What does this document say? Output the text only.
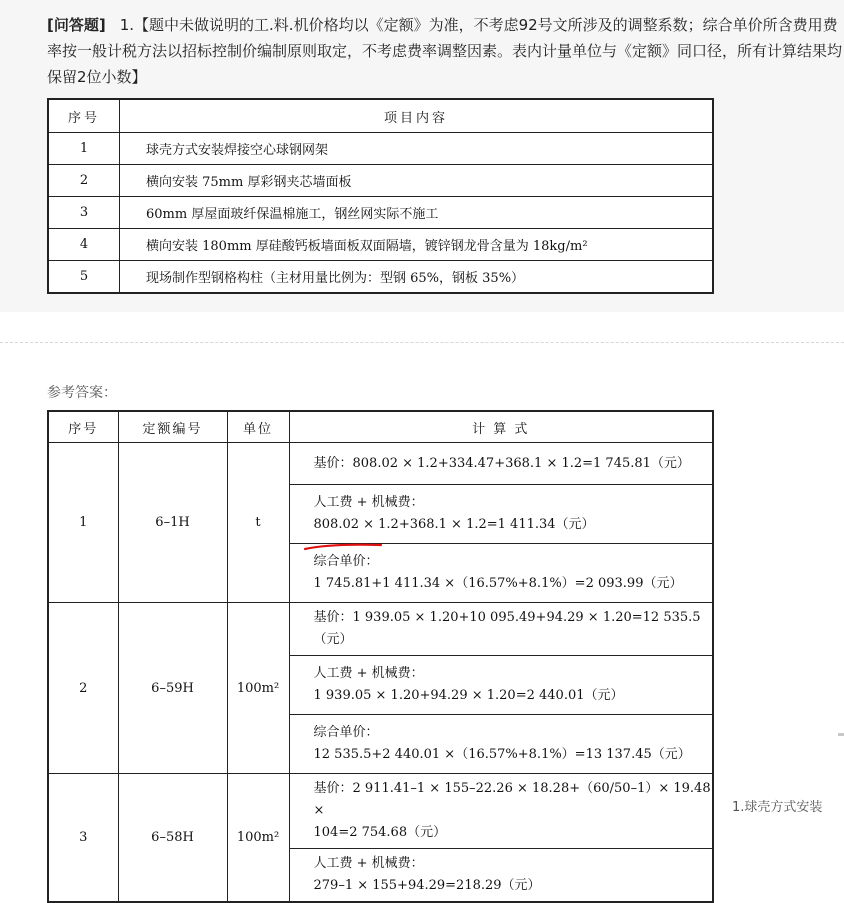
[问答题] 1.【题中未做说明的工.料.机价格均以《定额》为准，不考虑92号文所涉及的调整系数；综合单价所含费用费率按一般计税方法以招标控制价编制原则取定，不考虑费率调整因素。表内计量单位与《定额》同口径，所有计算结果均保留2位小数】
序号	项目内容
1	球壳方式安装焊接空心球钢网架
2	横向安装 75mm 厚彩钢夹芯墙面板
3	60mm 厚屋面玻纤保温棉施工，钢丝网实际不施工
4	横向安装 180mm 厚硅酸钙板墙面板双面隔墙，镀锌钢龙骨含量为 18kg/m²
5	现场制作型钢格构柱（主材用量比例为：型钢 65%，钢板 35%）
参考答案：
序号	定额编号	单位	计 算 式
1	6–1H	t	
基价：808.02 × 1.2+334.47+368.1 × 1.2=1 745.81（元）
人工费 + 机械费：
808.02 × 1.2+368.1 × 1.2=1 411.34（元）
综合单价：
1 745.81+1 411.34 ×（16.57%+8.1%）=2 093.99（元）

2	6–59H	100m²	
基价：1 939.05 × 1.20+10 095.49+94.29 × 1.20=12 535.5（元）
人工费 + 机械费：
1 939.05 × 1.20+94.29 × 1.20=2 440.01（元）
综合单价：
12 535.5+2 440.01 ×（16.57%+8.1%）=13 137.45（元）

3	6–58H	100m²	
基价：2 911.41–1 × 155–22.26 × 18.28+（60/50–1）× 19.48 ×
104=2 754.68（元）
人工费 + 机械费：
279–1 × 155+94.29=218.29（元）
1.球壳方式安装
